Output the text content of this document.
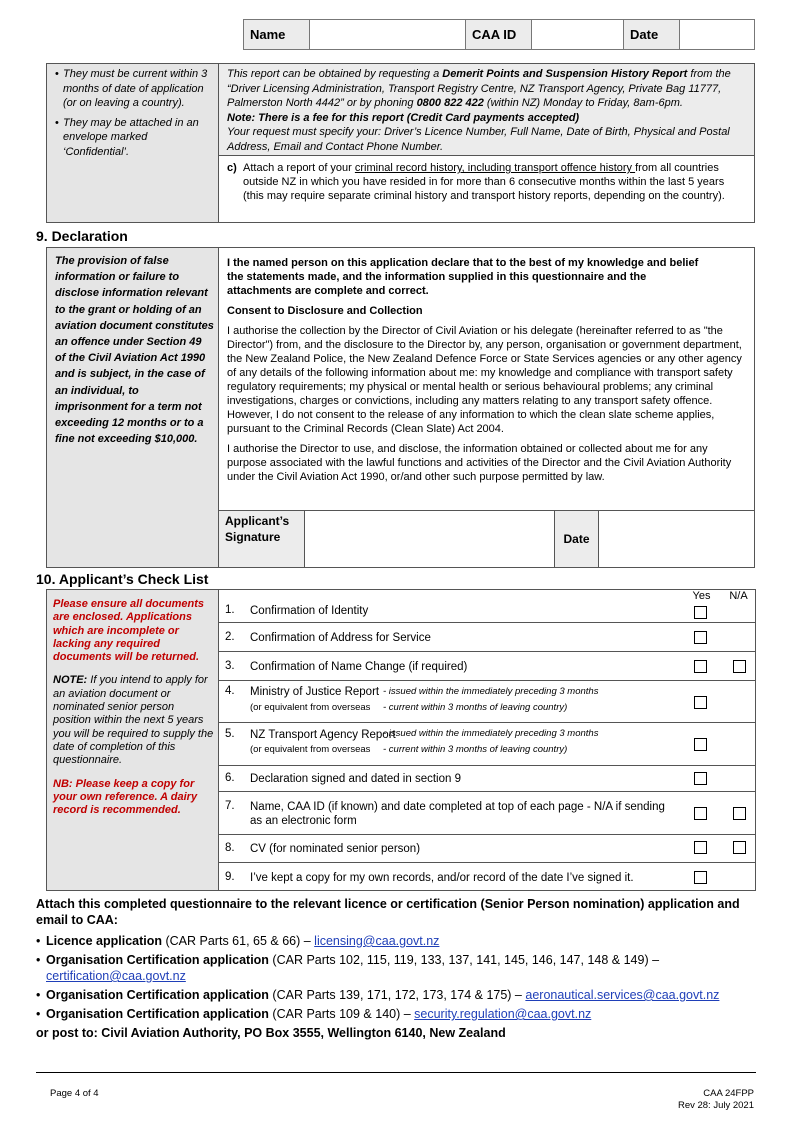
Name	CAA ID	Date
• They must be current within 3 months of date of application (or on leaving a country).
• They may be attached in an envelope marked ‘Confidential’.
This report can be obtained by requesting a Demerit Points and Suspension History Report from the “Driver Licensing Administration, Transport Registry Centre, NZ Transport Agency, Private Bag 11777, Palmerston North 4442” or by phoning 0800 822 422 (within NZ) Monday to Friday, 8am-6pm.
Note: There is a fee for this report (Credit Card payments accepted)
Your request must specify your: Driver’s Licence Number, Full Name, Date of Birth, Physical and Postal Address, Email and Contact Phone Number.
c) Attach a report of your criminal record history, including transport offence history from all countries outside NZ in which you have resided in for more than 6 consecutive months within the last 5 years (this may require separate criminal history and transport history reports, depending on the country).
9. Declaration
The provision of false information or failure to disclose information relevant to the grant or holding of an aviation document constitutes an offence under Section 49 of the Civil Aviation Act 1990 and is subject, in the case of an individual, to imprisonment for a term not exceeding 12 months or to a fine not exceeding $10,000.

I the named person on this application declare that to the best of my knowledge and belief the statements made, and the information supplied in this questionnaire and the attachments are complete and correct.

Consent to Disclosure and Collection

I authorise the collection by the Director of Civil Aviation or his delegate (hereinafter referred to as "the Director") from, and the disclosure to the Director by, any person, organisation or government department, the New Zealand Police, the New Zealand Defence Force or State Services agencies or any other agency of any details of the following information about me: my knowledge and compliance with transport safety regulatory requirements; my physical or mental health or serious behavioural problems; any criminal investigations, charges or convictions, including any matters relating to any transport safety offence. However, I do not consent to the release of any information to which the clean slate scheme applies, pursuant to the Criminal Records (Clean Slate) Act 2004.

I authorise the Director to use, and disclose, the information obtained or collected about me for any purpose associated with the lawful functions and activities of the Director and the Civil Aviation Authority under the Civil Aviation Act 1990, or/and other such purpose permitted by law.

Applicant’s Signature	Date
10. Applicant’s Check List
Please ensure all documents are enclosed. Applications which are incomplete or lacking any required documents will be returned.
NOTE: If you intend to apply for an aviation document or nominated senior person position within the next 5 years you will be required to supply the date of completion of this questionnaire.
NB: Please keep a copy for your own reference. A dairy record is recommended.
Yes	N/A
1. Confirmation of Identity
2. Confirmation of Address for Service
3. Confirmation of Name Change (if required)
4. Ministry of Justice Report
(or equivalent from overseas
- issued within the immediately preceding 3 months
- current within 3 months of leaving country)
5. NZ Transport Agency Report
(or equivalent from overseas
- issued within the immediately preceding 3 months
- current within 3 months of leaving country)
6. Declaration signed and dated in section 9
7. Name, CAA ID (if known) and date completed at top of each page - N/A if sending as an electronic form
8. CV (for nominated senior person)
9. I’ve kept a copy for my own records, and/or record of the date I’ve signed it.
Attach this completed questionnaire to the relevant licence or certification (Senior Person nomination) application and email to CAA:
• Licence application (CAR Parts 61, 65 & 66) – licensing@caa.govt.nz
• Organisation Certification application (CAR Parts 102, 115, 119, 133, 137, 141, 145, 146, 147, 148 & 149) – certification@caa.govt.nz
• Organisation Certification application (CAR Parts 139, 171, 172, 173, 174 & 175) – aeronautical.services@caa.govt.nz
• Organisation Certification application (CAR Parts 109 & 140) – security.regulation@caa.govt.nz
or post to: Civil Aviation Authority, PO Box 3555, Wellington 6140, New Zealand
Page 4 of 4	CAA 24FPP
Rev 28: July 2021
